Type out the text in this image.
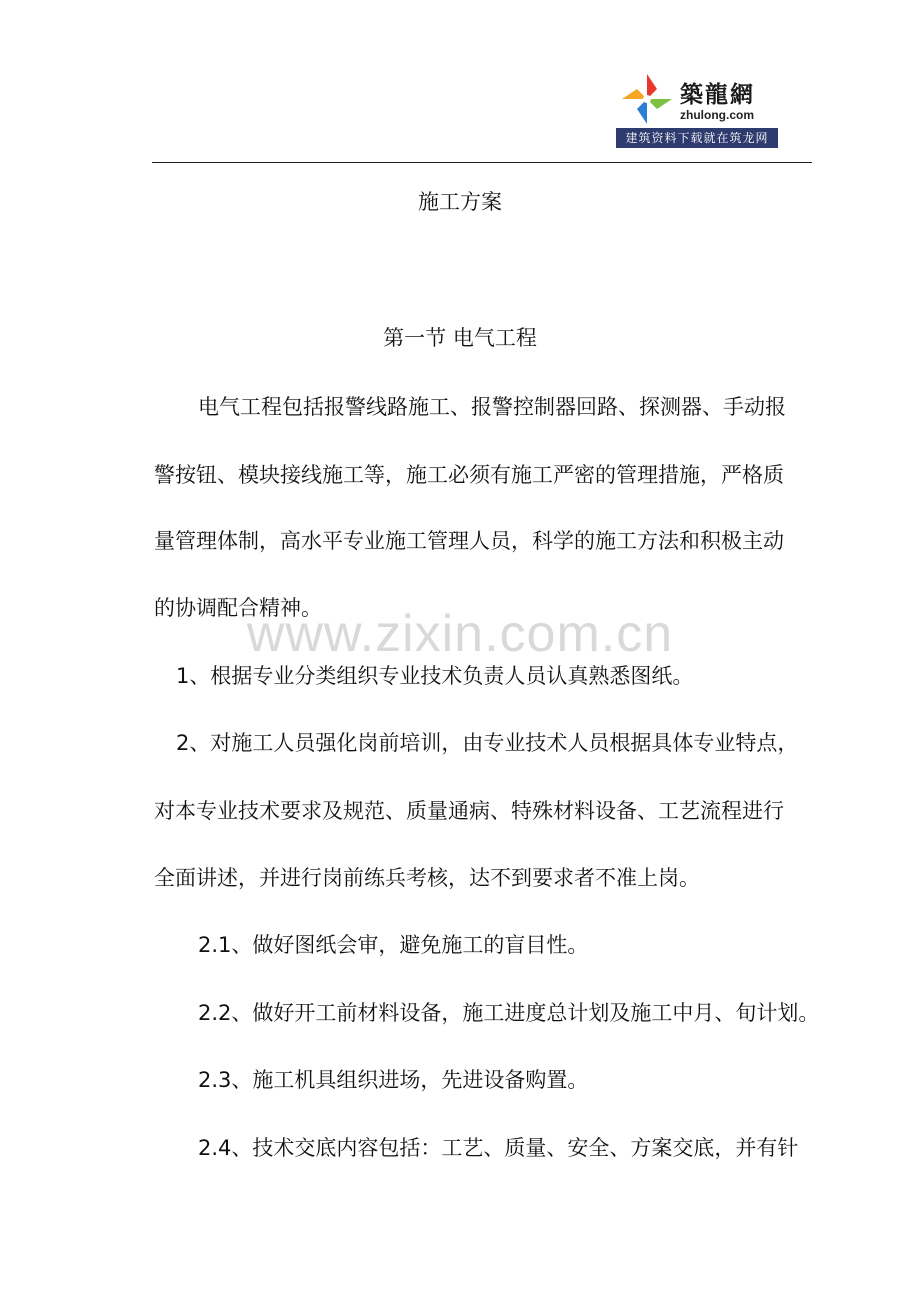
築龍網
zhulong.com
建筑资料下载就在筑龙网
施工方案
第一节 电气工程
电气工程包括报警线路施工、报警控制器回路、探测器、手动报
警按钮、模块接线施工等，施工必须有施工严密的管理措施，严格质
量管理体制，高水平专业施工管理人员，科学的施工方法和积极主动
的协调配合精神。
www.zixin.com.cn
1、根据专业分类组织专业技术负责人员认真熟悉图纸。
2、对施工人员强化岗前培训，由专业技术人员根据具体专业特点，
对本专业技术要求及规范、质量通病、特殊材料设备、工艺流程进行
全面讲述，并进行岗前练兵考核，达不到要求者不准上岗。
2.1、做好图纸会审，避免施工的盲目性。
2.2、做好开工前材料设备，施工进度总计划及施工中月、旬计划。
2.3、施工机具组织进场，先进设备购置。
2.4、技术交底内容包括：工艺、质量、安全、方案交底，并有针
